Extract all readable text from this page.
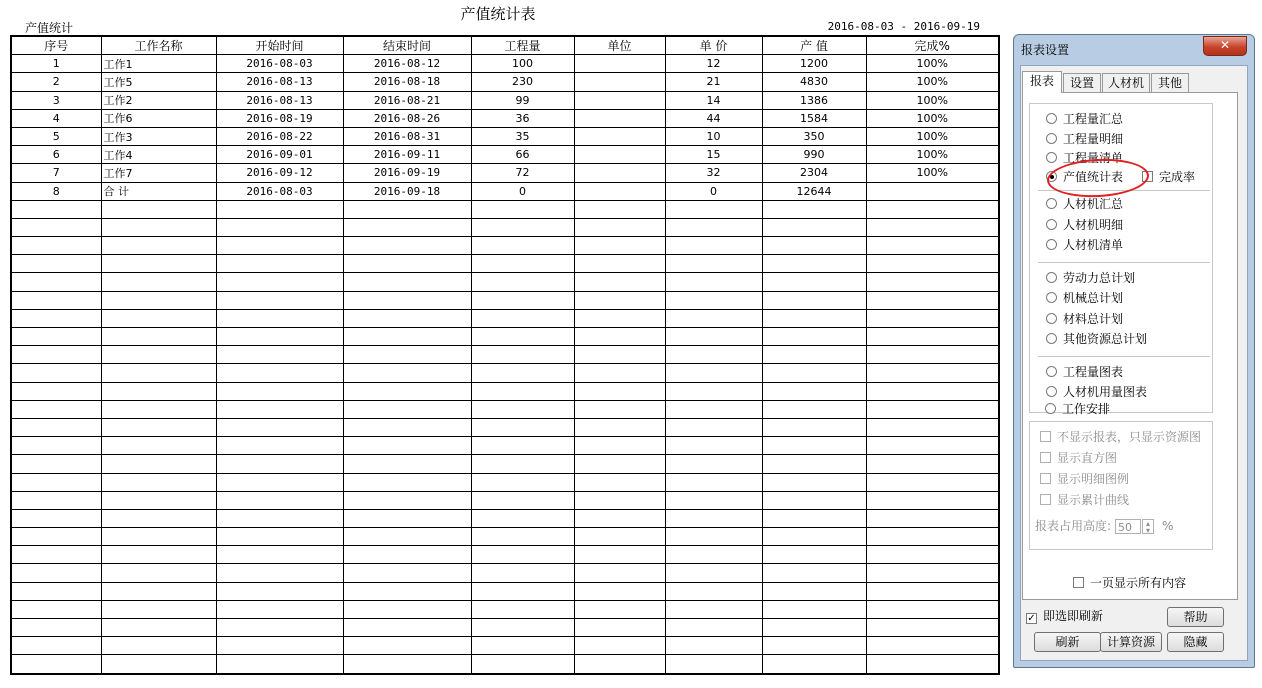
产值统计表
产值统计	2016-08-03 - 2016-09-19
序号	工作名称	开始时间	结束时间	工程量	单位	单 价	产 值	完成%
1	工作1	2016-08-03	2016-08-12	100		12	1200	100%
2	工作5	2016-08-13	2016-08-18	230		21	4830	100%
3	工作2	2016-08-13	2016-08-21	99		14	1386	100%
4	工作6	2016-08-19	2016-08-26	36		44	1584	100%
5	工作3	2016-08-22	2016-08-31	35		10	350	100%
6	工作4	2016-09-01	2016-09-11	66		15	990	100%
7	工作7	2016-09-12	2016-09-19	72		32	2304	100%
8	合 计	2016-08-03	2016-09-18	0		0	12644	

报表设置	✕
报表	设置	人材机	其他
工程量汇总
工程量明细
工程量清单
产值统计表	完成率
人材机汇总
人材机明细
人材机清单
劳动力总计划
机械总计划
材料总计划
其他资源总计划
工程量图表
人材机用量图表
工作安排
不显示报表，只显示资源图
显示直方图
显示明细图例
显示累计曲线
报表占用高度: 50 ▴
▾ %
一页显示所有内容
✓ 即选即刷新	帮助
刷新	计算资源	隐藏
